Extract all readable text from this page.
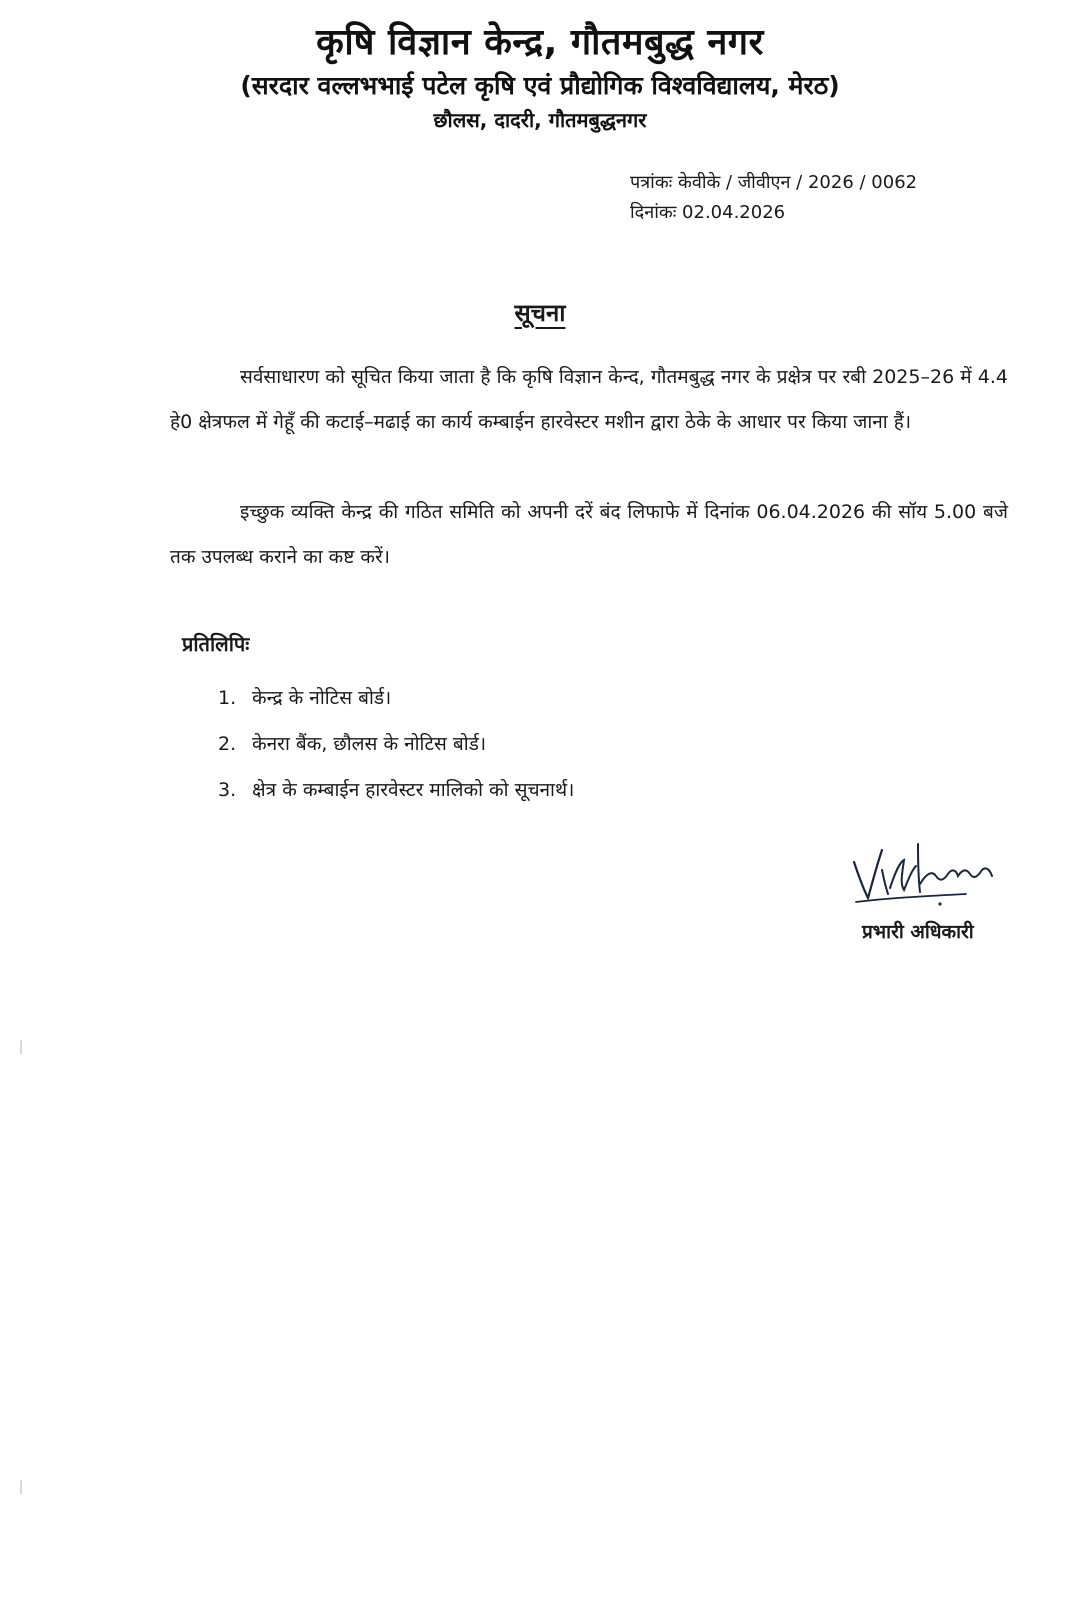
कृषि विज्ञान केन्द्र, गौतमबुद्ध नगर

(सरदार वल्लभभाई पटेल कृषि एवं प्रौद्योगिक विश्वविद्यालय, मेरठ)

छौलस, दादरी, गौतमबुद्धनगर

पत्रांकः केवीके / जीवीएन / 2026 / 0062
दिनांकः 02.04.2026
सूचना

सर्वसाधारण को सूचित किया जाता है कि कृषि विज्ञान केन्द, गौतमबुद्ध नगर के प्रक्षेत्र पर रबी 2025–26 में 4.4 हे0 क्षेत्रफल में गेहूँ की कटाई–मढाई का कार्य कम्बाईन हारवेस्टर मशीन द्वारा ठेके के आधार पर किया जाना हैं।

इच्छुक व्यक्ति केन्द्र की गठित समिति को अपनी दरें बंद लिफाफे में दिनांक 06.04.2026 की सॉय 5.00 बजे तक उपलब्ध कराने का कष्ट करें।

प्रतिलिपिः
1. केन्द्र के नोटिस बोर्ड।
2. केनरा बैंक, छौलस के नोटिस बोर्ड।
3. क्षेत्र के कम्बाईन हारवेस्टर मालिको को सूचनार्थ।
प्रभारी अधिकारी
